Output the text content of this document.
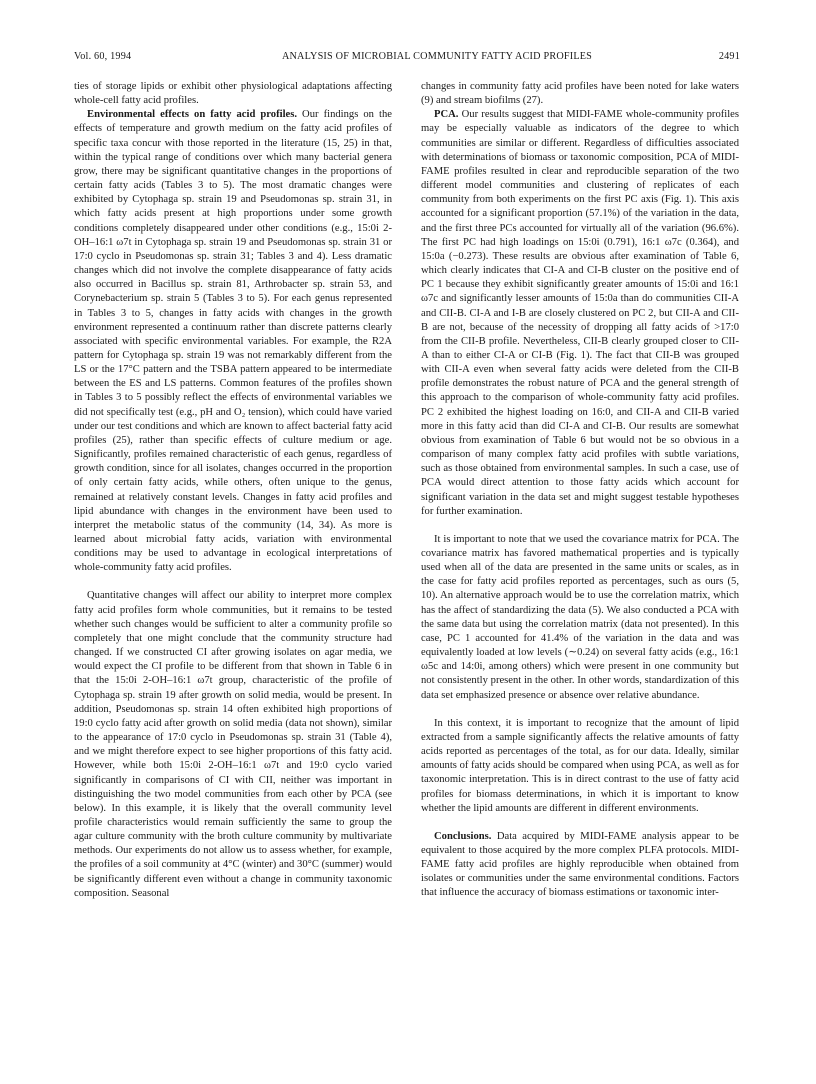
Vol. 60, 1994	ANALYSIS OF MICROBIAL COMMUNITY FATTY ACID PROFILES	2491

ties of storage lipids or exhibit other physiological adaptations affecting whole-cell fatty acid profiles.

Environmental effects on fatty acid profiles. Our findings on the effects of temperature and growth medium on the fatty acid profiles of specific taxa concur with those reported in the literature (15, 25) in that, within the typical range of conditions over which many bacterial genera grow, there may be significant quantitative changes in the proportions of certain fatty acids (Tables 3 to 5). The most dramatic changes were exhibited by Cytophaga sp. strain 19 and Pseudomonas sp. strain 31, in which fatty acids present at high proportions under some growth conditions completely disappeared under other conditions (e.g., 15:0i 2-OH–16:1 ω7t in Cytophaga sp. strain 19 and Pseudomonas sp. strain 31 or 17:0 cyclo in Pseudomonas sp. strain 31; Tables 3 and 4). Less dramatic changes which did not involve the complete disappearance of fatty acids also occurred in Bacillus sp. strain 81, Arthrobacter sp. strain 53, and Corynebacterium sp. strain 5 (Tables 3 to 5). For each genus represented in Tables 3 to 5, changes in fatty acids with changes in the growth environment represented a continuum rather than discrete patterns clearly associated with specific environmental variables. For example, the R2A pattern for Cytophaga sp. strain 19 was not remarkably different from the LS or the 17°C pattern and the TSBA pattern appeared to be intermediate between the ES and LS patterns. Common features of the profiles shown in Tables 3 to 5 possibly reflect the effects of environmental variables we did not specifically test (e.g., pH and O₂ tension), which could have varied under our test conditions and which are known to affect bacterial fatty acid profiles (25), rather than specific effects of culture medium or age. Significantly, profiles remained characteristic of each genus, regardless of growth condition, since for all isolates, changes occurred in the proportion of only certain fatty acids, while others, often unique to the genus, remained at relatively constant levels. Changes in fatty acid profiles and lipid abundance with changes in the environment have been used to interpret the metabolic status of the community (14, 34). As more is learned about microbial fatty acids, variation with environmental conditions may be used to advantage in ecological interpretations of whole-community fatty acid profiles.

Quantitative changes will affect our ability to interpret more complex fatty acid profiles form whole communities, but it remains to be tested whether such changes would be sufficient to alter a community profile so completely that one might conclude that the community structure had changed. If we constructed CI after growing isolates on agar media, we would expect the CI profile to be different from that shown in Table 6 in that the 15:0i 2-OH–16:1 ω7t group, characteristic of the profile of Cytophaga sp. strain 19 after growth on solid media, would be present. In addition, Pseudomonas sp. strain 14 often exhibited high proportions of 19:0 cyclo fatty acid after growth on solid media (data not shown), similar to the appearance of 17:0 cyclo in Pseudomonas sp. strain 31 (Table 4), and we might therefore expect to see higher proportions of this fatty acid. However, while both 15:0i 2-OH–16:1 ω7t and 19:0 cyclo varied significantly in comparisons of CI with CII, neither was important in distinguishing the two model communities from each other by PCA (see below). In this example, it is likely that the overall community level profile characteristics would remain sufficiently the same to group the agar culture community with the broth culture community by multivariate methods. Our experiments do not allow us to assess whether, for example, the profiles of a soil community at 4°C (winter) and 30°C (summer) would be significantly different even without a change in community taxonomic composition. Seasonal

changes in community fatty acid profiles have been noted for lake waters (9) and stream biofilms (27).

PCA. Our results suggest that MIDI-FAME whole-community profiles may be especially valuable as indicators of the degree to which communities are similar or different. Regardless of difficulties associated with determinations of biomass or taxonomic composition, PCA of MIDI-FAME profiles resulted in clear and reproducible separation of the two different model communities and clustering of replicates of each community from both experiments on the first PC axis (Fig. 1). This axis accounted for a significant proportion (57.1%) of the variation in the data, and the first three PCs accounted for virtually all of the variation (96.6%). The first PC had high loadings on 15:0i (0.791), 16:1 ω7c (0.364), and 15:0a (−0.273). These results are obvious after examination of Table 6, which clearly indicates that CI-A and CI-B cluster on the positive end of PC 1 because they exhibit significantly greater amounts of 15:0i and 16:1 ω7c and significantly lesser amounts of 15:0a than do communities CII-A and CII-B. CI-A and I-B are closely clustered on PC 2, but CII-A and CII-B are not, because of the necessity of dropping all fatty acids of >17:0 from the CII-B profile. Nevertheless, CII-B clearly grouped closer to CII-A than to either CI-A or CI-B (Fig. 1). The fact that CII-B was grouped with CII-A even when several fatty acids were deleted from the CII-B profile demonstrates the robust nature of PCA and the general strength of this approach to the comparison of whole-community fatty acid profiles. PC 2 exhibited the highest loading on 16:0, and CII-A and CII-B varied more in this fatty acid than did CI-A and CI-B. Our results are somewhat obvious from examination of Table 6 but would not be so obvious in a comparison of many complex fatty acid profiles with subtle variations, such as those obtained from environmental samples. In such a case, use of PCA would direct attention to those fatty acids which account for significant variation in the data set and might suggest testable hypotheses for further examination.

It is important to note that we used the covariance matrix for PCA. The covariance matrix has favored mathematical properties and is typically used when all of the data are presented in the same units or scales, as in the case for fatty acid profiles reported as percentages, such as ours (5, 10). An alternative approach would be to use the correlation matrix, which has the affect of standardizing the data (5). We also conducted a PCA with the same data but using the correlation matrix (data not presented). In this case, PC 1 accounted for 41.4% of the variation in the data and was equivalently loaded at low levels (∼0.24) on several fatty acids (e.g., 16:1 ω5c and 14:0i, among others) which were present in one community but not consistently present in the other. In other words, standardization of this data set emphasized presence or absence over relative abundance.

In this context, it is important to recognize that the amount of lipid extracted from a sample significantly affects the relative amounts of fatty acids reported as percentages of the total, as for our data. Ideally, similar amounts of fatty acids should be compared when using PCA, as well as for taxonomic interpretation. This is in direct contrast to the use of fatty acid profiles for biomass determinations, in which it is important to know whether the lipid amounts are different in different environments.

Conclusions. Data acquired by MIDI-FAME analysis appear to be equivalent to those acquired by the more complex PLFA protocols. MIDI-FAME fatty acid profiles are highly reproducible when obtained from isolates or communities under the same environmental conditions. Factors that influence the accuracy of biomass estimations or taxonomic inter-
